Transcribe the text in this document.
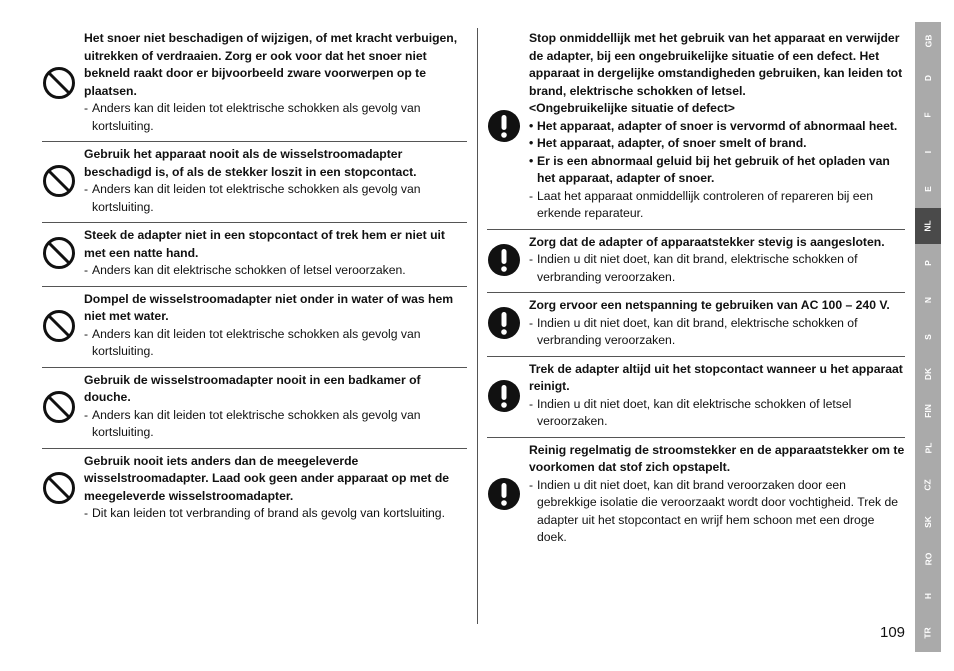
Het snoer niet beschadigen of wijzigen, of met kracht verbuigen, uitrekken of verdraaien. Zorg er ook voor dat het snoer niet bekneld raakt door er bijvoorbeeld zware voorwerpen op te plaatsen.
- Anders kan dit leiden tot elektrische schokken als gevolg van kortsluiting.
Gebruik het apparaat nooit als de wisselstroomadapter beschadigd is, of als de stekker loszit in een stopcontact.
- Anders kan dit leiden tot elektrische schokken als gevolg van kortsluiting.
Steek de adapter niet in een stopcontact of trek hem er niet uit met een natte hand.
- Anders kan dit elektrische schokken of letsel veroorzaken.
Dompel de wisselstroomadapter niet onder in water of was hem niet met water.
- Anders kan dit leiden tot elektrische schokken als gevolg van kortsluiting.
Gebruik de wisselstroomadapter nooit in een badkamer of douche.
- Anders kan dit leiden tot elektrische schokken als gevolg van kortsluiting.
Gebruik nooit iets anders dan de meegeleverde wisselstroomadapter. Laad ook geen ander apparaat op met de meegeleverde wisselstroomadapter.
- Dit kan leiden tot verbranding of brand als gevolg van kortsluiting.
Stop onmiddellijk met het gebruik van het apparaat en verwijder de adapter, bij een ongebruikelijke situatie of een defect. Het apparaat in dergelijke omstandigheden gebruiken, kan leiden tot brand, elektrische schokken of letsel.
<Ongebruikelijke situatie of defect>
• Het apparaat, adapter of snoer is vervormd of abnormaal heet.
• Het apparaat, adapter, of snoer smelt of brand.
• Er is een abnormaal geluid bij het gebruik of het opladen van het apparaat, adapter of snoer.
- Laat het apparaat onmiddellijk controleren of repareren bij een erkende reparateur.
Zorg dat de adapter of apparaatstekker stevig is aangesloten.
- Indien u dit niet doet, kan dit brand, elektrische schokken of verbranding veroorzaken.
Zorg ervoor een netspanning te gebruiken van AC 100 – 240 V.
- Indien u dit niet doet, kan dit brand, elektrische schokken of verbranding veroorzaken.
Trek de adapter altijd uit het stopcontact wanneer u het apparaat reinigt.
- Indien u dit niet doet, kan dit elektrische schokken of letsel veroorzaken.
Reinig regelmatig de stroomstekker en de apparaatstekker om te voorkomen dat stof zich opstapelt.
- Indien u dit niet doet, kan dit brand veroorzaken door een gebrekkige isolatie die veroorzaakt wordt door vochtigheid. Trek de adapter uit het stopcontact en wrijf hem schoon met een droge doek.
GB
D
F
I
E
NL
P
N
S
DK
FIN
PL
CZ
SK
RO
H
TR
109
